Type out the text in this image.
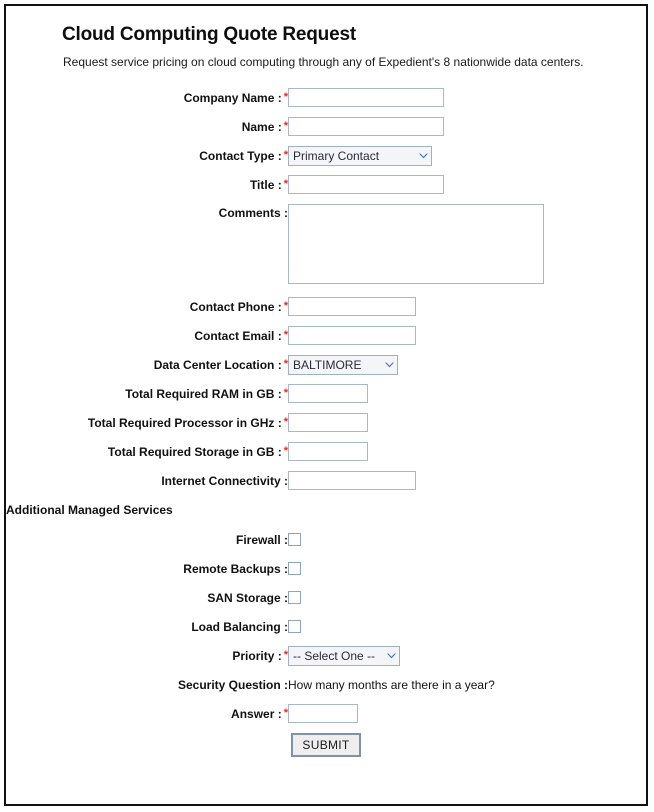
Cloud Computing Quote Request
Request service pricing on cloud computing through any of Expedient's 8 nationwide data centers.
Company Name : *	
Name : *	
Contact Type : *	Primary Contact

Title : *	
Comments :	

Contact Phone : *	
Contact Email : *	
Data Center Location : *	BALTIMORE

Total Required RAM in GB : *	
Total Required Processor in GHz : *	
Total Required Storage in GB : *	
Internet Connectivity :	
Additional Managed Services	
Firewall :	
Remote Backups :	
SAN Storage :	
Load Balancing :	
Priority : *	-- Select One --

Security Question :	How many months are there in a year?
Answer : *	
SUBMIT	
